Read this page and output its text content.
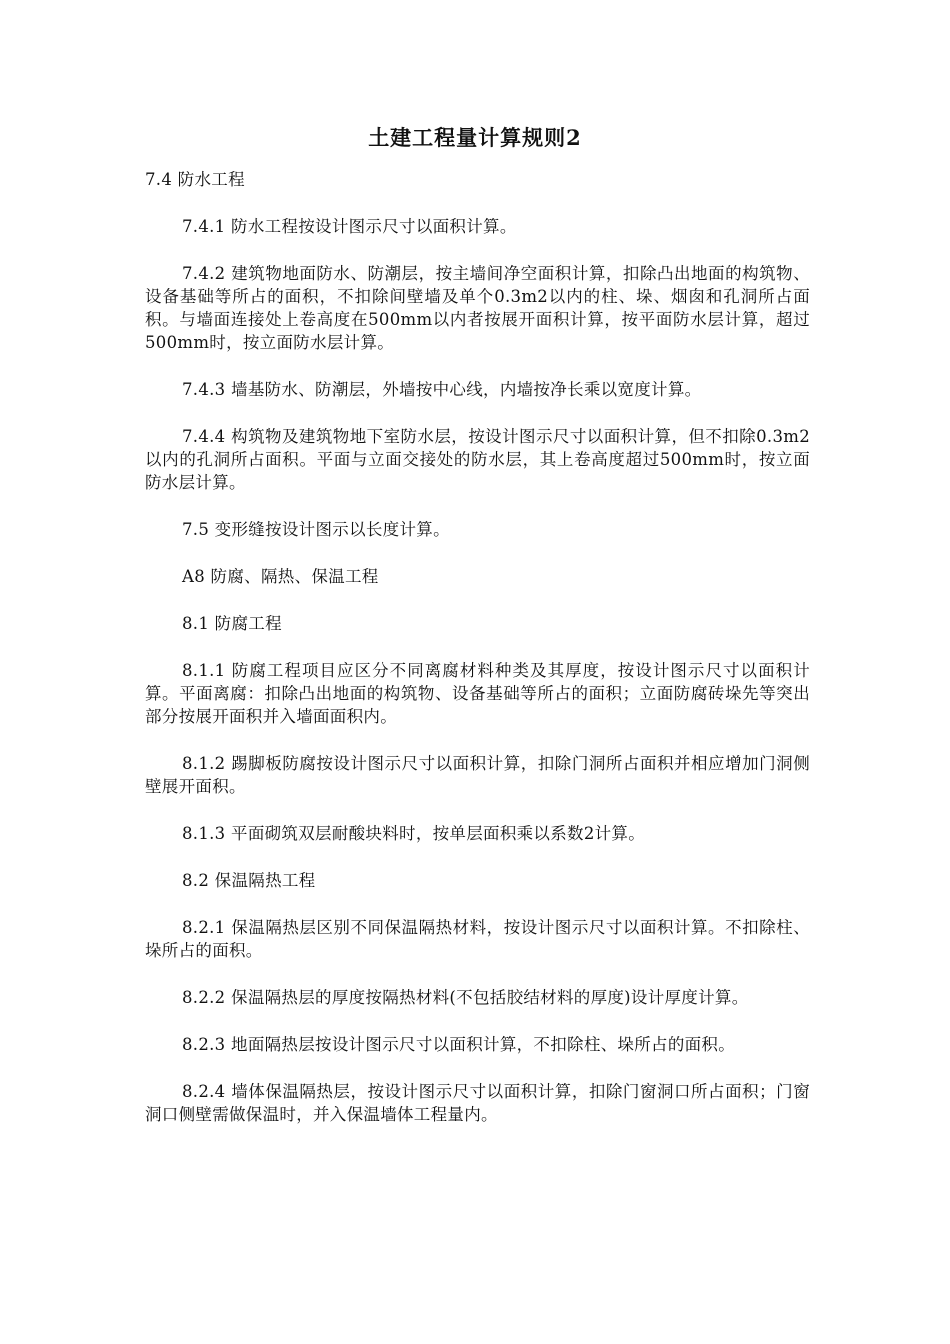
土建工程量计算规则2

7.4 防水工程

7.4.1 防水工程按设计图示尺寸以面积计算。

7.4.2 建筑物地面防水、防潮层，按主墙间净空面积计算，扣除凸出地面的构筑物、设备基础等所占的面积，不扣除间壁墙及单个0.3m2以内的柱、垛、烟囱和孔洞所占面积。与墙面连接处上卷高度在500mm以内者按展开面积计算，按平面防水层计算，超过500mm时，按立面防水层计算。

7.4.3 墙基防水、防潮层，外墙按中心线，内墙按净长乘以宽度计算。

7.4.4 构筑物及建筑物地下室防水层，按设计图示尺寸以面积计算，但不扣除0.3m2以内的孔洞所占面积。平面与立面交接处的防水层，其上卷高度超过500mm时，按立面防水层计算。

7.5 变形缝按设计图示以长度计算。

A8 防腐、隔热、保温工程

8.1 防腐工程

8.1.1 防腐工程项目应区分不同离腐材料种类及其厚度，按设计图示尺寸以面积计算。平面离腐：扣除凸出地面的构筑物、设备基础等所占的面积；立面防腐砖垛先等突出部分按展开面积并入墙面面积内。

8.1.2 踢脚板防腐按设计图示尺寸以面积计算，扣除门洞所占面积并相应增加门洞侧壁展开面积。

8.1.3 平面砌筑双层耐酸块料时，按单层面积乘以系数2计算。

8.2 保温隔热工程

8.2.1 保温隔热层区别不同保温隔热材料，按设计图示尺寸以面积计算。不扣除柱、垛所占的面积。

8.2.2 保温隔热层的厚度按隔热材料(不包括胶结材料的厚度)设计厚度计算。

8.2.3 地面隔热层按设计图示尺寸以面积计算，不扣除柱、垛所占的面积。

8.2.4 墙体保温隔热层，按设计图示尺寸以面积计算，扣除门窗洞口所占面积；门窗洞口侧壁需做保温时，并入保温墙体工程量内。
